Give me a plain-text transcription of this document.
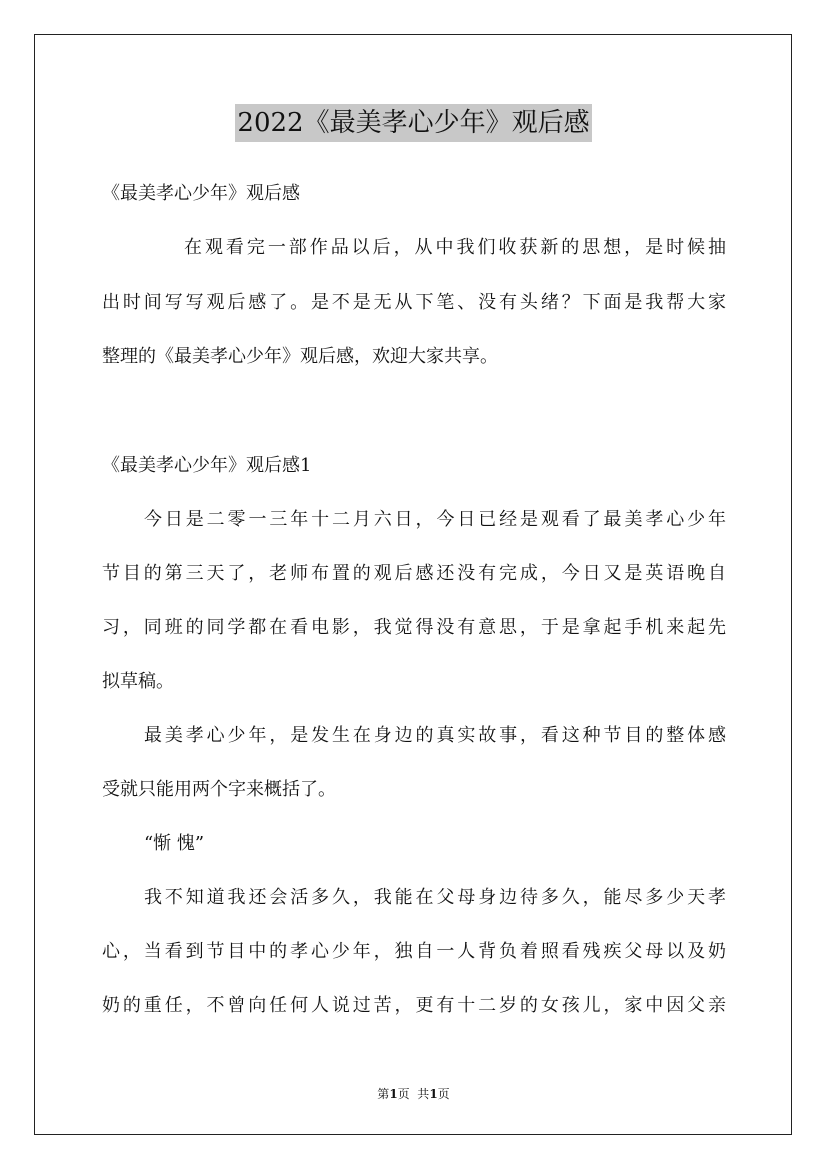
2022《最美孝心少年》观后感
《最美孝心少年》观后感
在观看完一部作品以后，从中我们收获新的思想，是时候抽
出时间写写观后感了。是不是无从下笔、没有头绪？下面是我帮大家
整理的《最美孝心少年》观后感，欢迎大家共享。
《最美孝心少年》观后感1
今日是二零一三年十二月六日，今日已经是观看了最美孝心少年
节目的第三天了，老师布置的观后感还没有完成，今日又是英语晚自
习，同班的同学都在看电影，我觉得没有意思，于是拿起手机来起先
拟草稿。
最美孝心少年，是发生在身边的真实故事，看这种节目的整体感
受就只能用两个字来概括了。
“惭 愧”
我不知道我还会活多久，我能在父母身边待多久，能尽多少天孝
心，当看到节目中的孝心少年，独自一人背负着照看残疾父母以及奶
奶的重任，不曾向任何人说过苦，更有十二岁的女孩儿，家中因父亲
第1页  共1页
